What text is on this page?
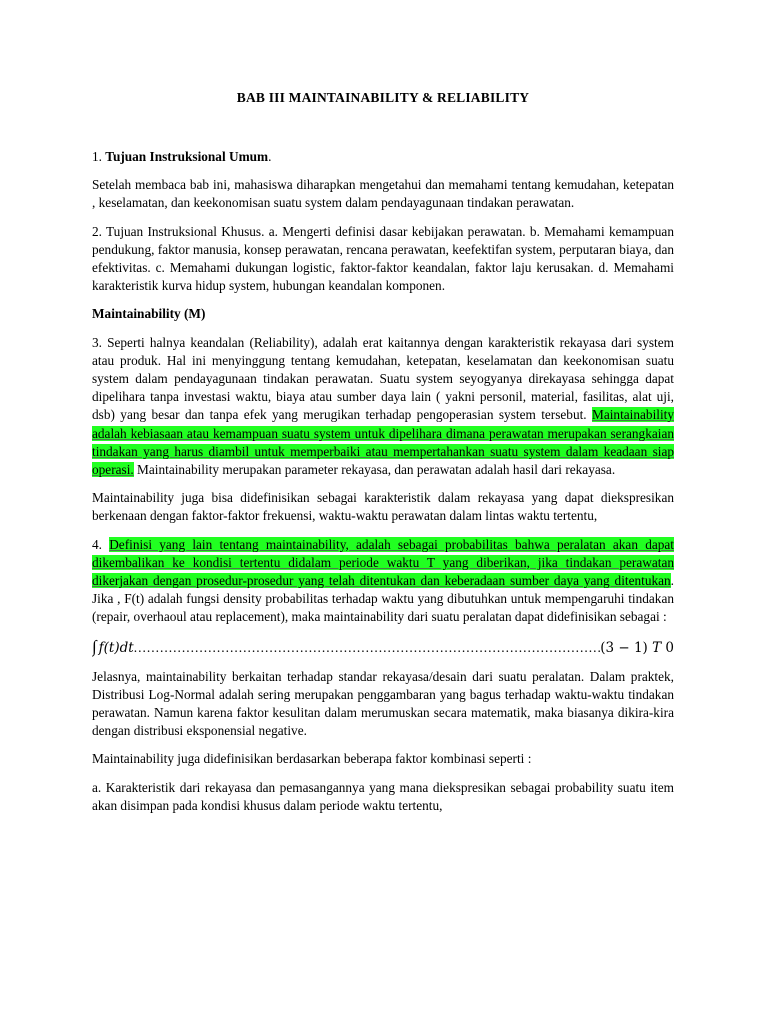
BAB III MAINTAINABILITY & RELIABILITY

1. Tujuan Instruksional Umum.

Setelah membaca bab ini, mahasiswa diharapkan mengetahui dan memahami tentang kemudahan, ketepatan , keselamatan, dan keekonomisan suatu system dalam pendayagunaan tindakan perawatan.

2. Tujuan Instruksional Khusus. a. Mengerti definisi dasar kebijakan perawatan. b. Memahami kemampuan pendukung, faktor manusia, konsep perawatan, rencana perawatan, keefektifan system, perputaran biaya, dan efektivitas. c. Memahami dukungan logistic, faktor-faktor keandalan, faktor laju kerusakan. d. Memahami karakteristik kurva hidup system, hubungan keandalan komponen.

Maintainability (M)

3. Seperti halnya keandalan (Reliability), adalah erat kaitannya dengan karakteristik rekayasa dari system atau produk. Hal ini menyinggung tentang kemudahan, ketepatan, keselamatan dan keekonomisan suatu system dalam pendayagunaan tindakan perawatan. Suatu system seyogyanya direkayasa sehingga dapat dipelihara tanpa investasi waktu, biaya atau sumber daya lain ( yakni personil, material, fasilitas, alat uji, dsb) yang besar dan tanpa efek yang merugikan terhadap pengoperasian system tersebut. Maintainability adalah kebiasaan atau kemampuan suatu system untuk dipelihara dimana perawatan merupakan serangkaian tindakan yang harus diambil untuk memperbaiki atau mempertahankan suatu system dalam keadaan siap operasi. Maintainability merupakan parameter rekayasa, dan perawatan adalah hasil dari rekayasa.

Maintainability juga bisa didefinisikan sebagai karakteristik dalam rekayasa yang dapat diekspresikan berkenaan dengan faktor-faktor frekuensi, waktu-waktu perawatan dalam lintas waktu tertentu,

4. Definisi yang lain tentang maintainability, adalah sebagai probabilitas bahwa peralatan akan dapat dikembalikan ke kondisi tertentu didalam periode waktu T yang diberikan, jika tindakan perawatan dikerjakan dengan prosedur-prosedur yang telah ditentukan dan keberadaan sumber daya yang ditentukan. Jika , F(t) adalah fungsi density probabilitas terhadap waktu yang dibutuhkan untuk mempengaruhi tindakan (repair, overhaoul atau replacement), maka maintainability dari suatu peralatan dapat didefinisikan sebagai :

∫ 𝑓(𝑡)𝑑𝑡
.....	(3 − 1) 𝑇 0

Jelasnya, maintainability berkaitan terhadap standar rekayasa/desain dari suatu peralatan. Dalam praktek, Distribusi Log-Normal adalah sering merupakan penggambaran yang bagus terhadap waktu-waktu tindakan perawatan. Namun karena faktor kesulitan dalam merumuskan secara matematik, maka biasanya dikira-kira dengan distribusi eksponensial negative.

Maintainability juga didefinisikan berdasarkan beberapa faktor kombinasi seperti :

a. Karakteristik dari rekayasa dan pemasangannya yang mana diekspresikan sebagai probability suatu item akan disimpan pada kondisi khusus dalam periode waktu tertentu,
